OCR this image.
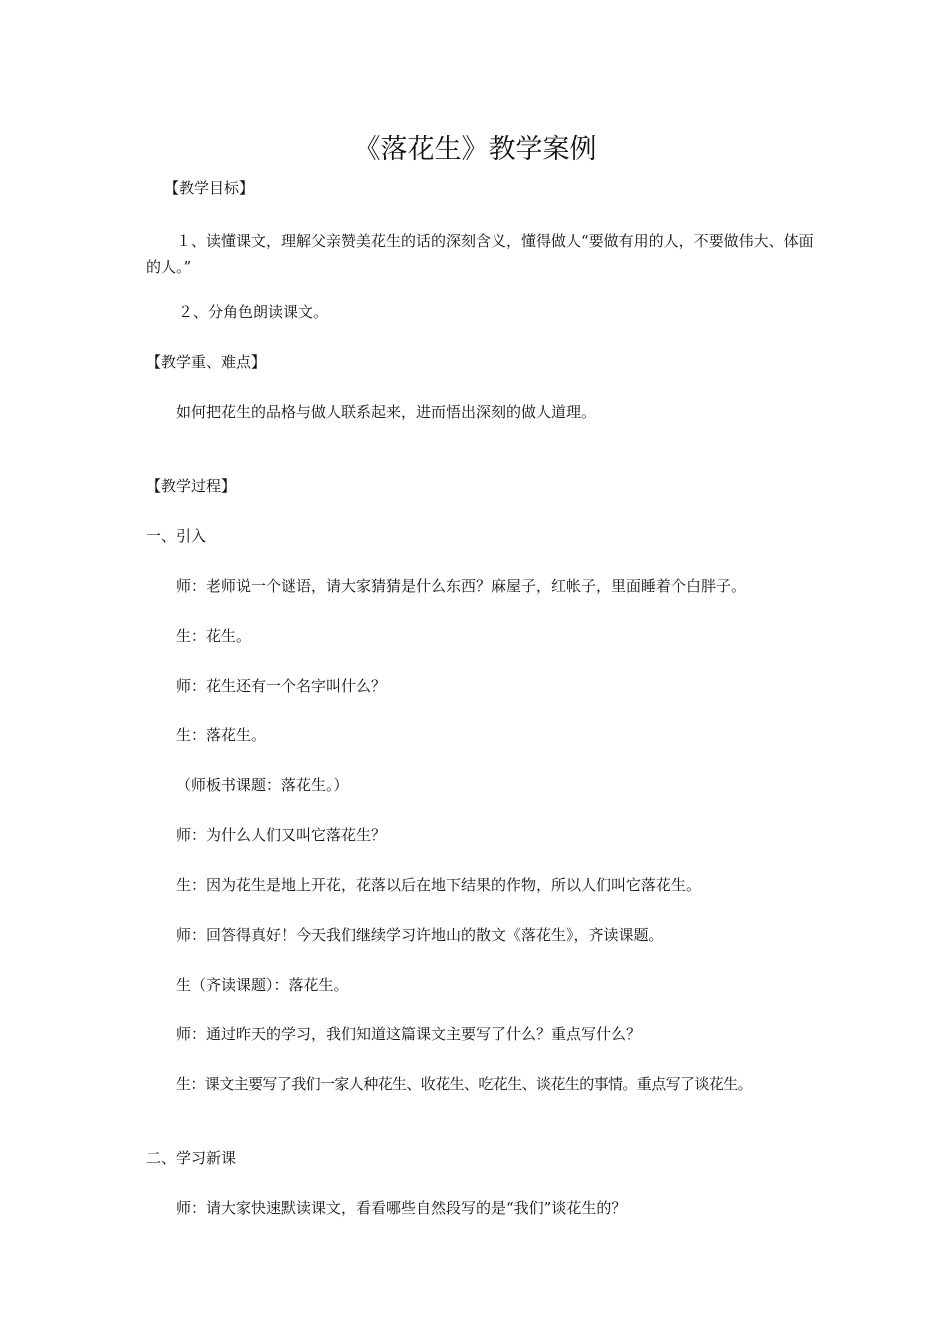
《落花生》教学案例
【教学目标】
１、读懂课文，理解父亲赞美花生的话的深刻含义，懂得做人“要做有用的人，不要做伟大、体面的人。”
２、分角色朗读课文。
【教学重、难点】
如何把花生的品格与做人联系起来，进而悟出深刻的做人道理。
【教学过程】
一、引入
师：老师说一个谜语，请大家猜猜是什么东西？麻屋子，红帐子，里面睡着个白胖子。
生：花生。
师：花生还有一个名字叫什么？
生：落花生。
（师板书课题：落花生。）
师：为什么人们又叫它落花生？
生：因为花生是地上开花，花落以后在地下结果的作物，所以人们叫它落花生。
师：回答得真好！今天我们继续学习许地山的散文《落花生》，齐读课题。
生（齐读课题）：落花生。
师：通过昨天的学习，我们知道这篇课文主要写了什么？重点写什么？
生：课文主要写了我们一家人种花生、收花生、吃花生、谈花生的事情。重点写了谈花生。
二、学习新课
师：请大家快速默读课文，看看哪些自然段写的是“我们”谈花生的？
